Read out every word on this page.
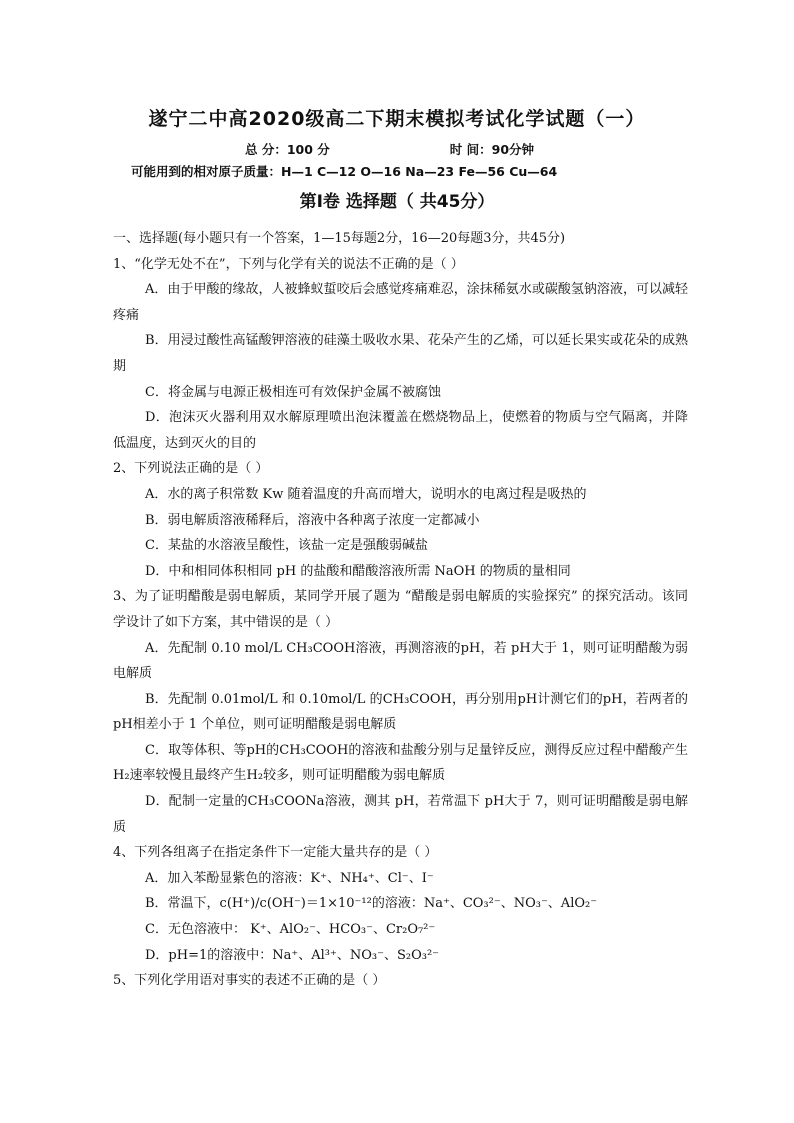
遂宁二中高2020级高二下期末模拟考试化学试题（一）
总 分：100 分	时 间：90分钟
可能用到的相对原子质量：H—1 C—12 O—16 Na—23 Fe—56 Cu—64
第Ⅰ卷 选择题（ 共45分）

一、选择题(每小题只有一个答案，1—15每题2分，16—20每题3分，共45分)

1、“化学无处不在”，下列与化学有关的说法不正确的是（ ）

A．由于甲酸的缘故，人被蜂蚁蜇咬后会感觉疼痛难忍，涂抹稀氨水或碳酸氢钠溶液，可以减轻疼痛

B．用浸过酸性高锰酸钾溶液的硅藻土吸收水果、花朵产生的乙烯，可以延长果实或花朵的成熟期

C．将金属与电源正极相连可有效保护金属不被腐蚀

D．泡沫灭火器利用双水解原理喷出泡沫覆盖在燃烧物品上，使燃着的物质与空气隔离，并降低温度，达到灭火的目的

2、下列说法正确的是（ ）

A．水的离子积常数 Kw 随着温度的升高而增大，说明水的电离过程是吸热的

B．弱电解质溶液稀释后，溶液中各种离子浓度一定都减小

C．某盐的水溶液呈酸性，该盐一定是强酸弱碱盐

D．中和相同体积相同 pH 的盐酸和醋酸溶液所需 NaOH 的物质的量相同

3、为了证明醋酸是弱电解质，某同学开展了题为 “醋酸是弱电解质的实验探究” 的探究活动。该同学设计了如下方案，其中错误的是（ ）

A．先配制 0.10 mol/L CH₃COOH溶液，再测溶液的pH，若 pH大于 1，则可证明醋酸为弱电解质

B．先配制 0.01mol/L 和 0.10mol/L 的CH₃COOH，再分别用pH计测它们的pH，若两者的pH相差小于 1 个单位，则可证明醋酸是弱电解质

C．取等体积、等pH的CH₃COOH的溶液和盐酸分别与足量锌反应，测得反应过程中醋酸产生 H₂速率较慢且最终产生H₂较多，则可证明醋酸为弱电解质

D．配制一定量的CH₃COONa溶液，测其 pH，若常温下 pH大于 7，则可证明醋酸是弱电解质

4、下列各组离子在指定条件下一定能大量共存的是（ ）

A．加入苯酚显紫色的溶液：K⁺、NH₄⁺、Cl⁻、I⁻

B．常温下，c(H⁺)/c(OH⁻)＝1×10⁻¹²的溶液：Na⁺、CO₃²⁻、NO₃⁻、AlO₂⁻

C．无色溶液中： K⁺、AlO₂⁻、HCO₃⁻、Cr₂O₇²⁻

D．pH=1的溶液中：Na⁺、Al³⁺、NO₃⁻、S₂O₃²⁻

5、下列化学用语对事实的表述不正确的是（ ）
